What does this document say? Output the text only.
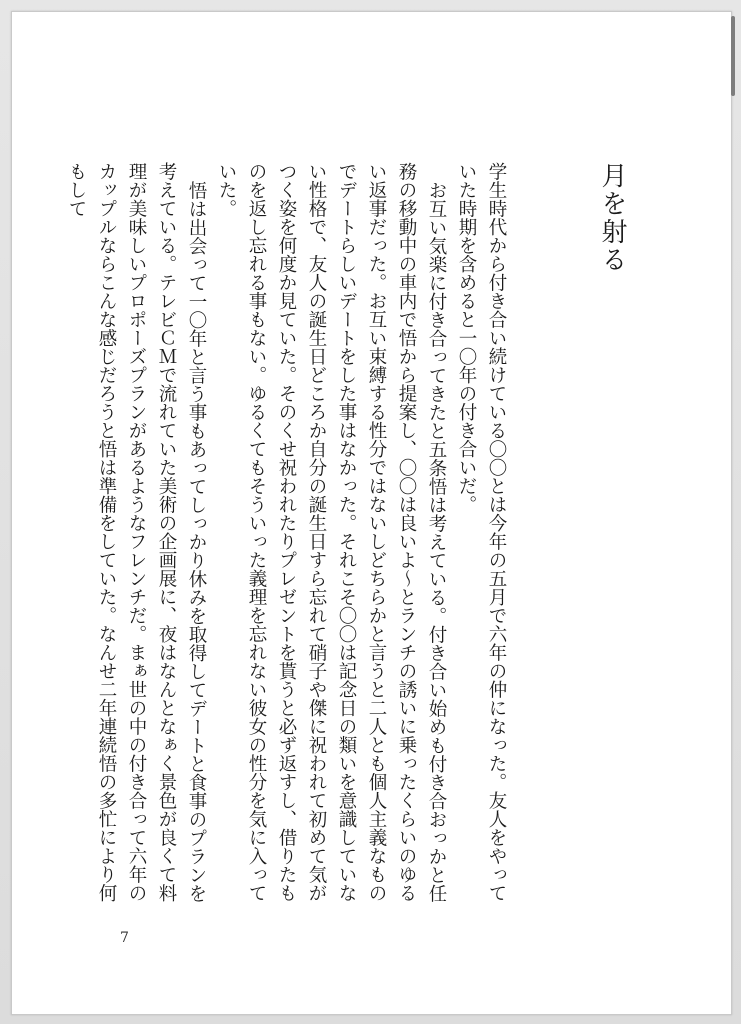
月を射る

学生時代から付き合い続けている〇〇とは今年の五月で六年の仲になった。友人をやっていた時期を含めると一〇年の付き合いだ。

お互い気楽に付き合ってきたと五条悟は考えている。付き合い始めも付き合おっかと任務の移動中の車内で悟から提案し、〇〇は良いよ～とランチの誘いに乗ったくらいのゆるい返事だった。お互い束縛する性分ではないしどちらかと言うと二人とも個人主義なものでデートらしいデートをした事はなかった。それこそ〇〇は記念日の類いを意識していない性格で、友人の誕生日どころか自分の誕生日すら忘れて硝子や傑に祝われて初めて気がつく姿を何度か見ていた。そのくせ祝われたりプレゼントを貰うと必ず返すし、借りたものを返し忘れる事もない。ゆるくてもそういった義理を忘れない彼女の性分を気に入っていた。

悟は出会って一〇年と言う事もあってしっかり休みを取得してデートと食事のプランを考えている。テレビＣＭで流れていた美術の企画展に、夜はなんとなぁく景色が良くて料理が美味しいプロポーズプランがあるようなフレンチだ。まぁ世の中の付き合って六年のカップルならこんな感じだろうと悟は準備をしていた。なんせ二年連続悟の多忙により何もして

7
